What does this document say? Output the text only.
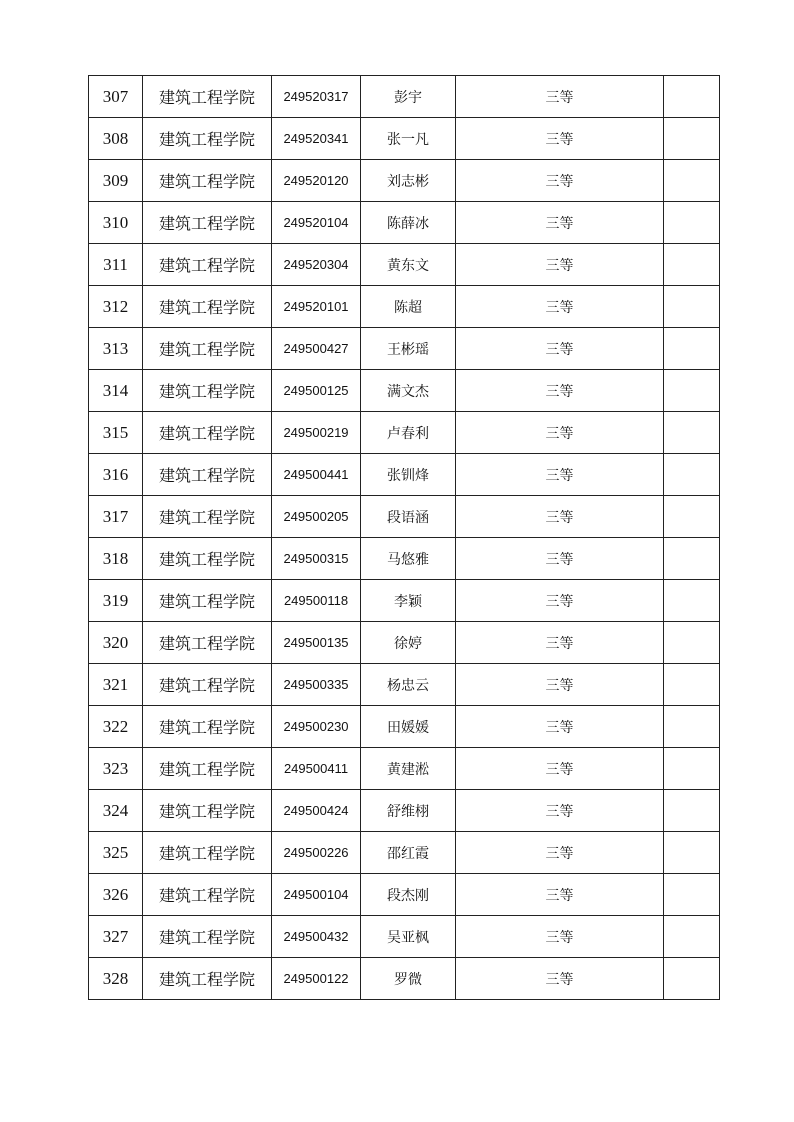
307	建筑工程学院	249520317	彭宇	三等	
308	建筑工程学院	249520341	张一凡	三等	
309	建筑工程学院	249520120	刘志彬	三等	
310	建筑工程学院	249520104	陈薛冰	三等	
311	建筑工程学院	249520304	黄东文	三等	
312	建筑工程学院	249520101	陈超	三等	
313	建筑工程学院	249500427	王彬瑶	三等	
314	建筑工程学院	249500125	满文杰	三等	
315	建筑工程学院	249500219	卢春利	三等	
316	建筑工程学院	249500441	张钏烽	三等	
317	建筑工程学院	249500205	段语涵	三等	
318	建筑工程学院	249500315	马悠雅	三等	
319	建筑工程学院	249500118	李颖	三等	
320	建筑工程学院	249500135	徐婷	三等	
321	建筑工程学院	249500335	杨忠云	三等	
322	建筑工程学院	249500230	田媛媛	三等	
323	建筑工程学院	249500411	黄建淞	三等	
324	建筑工程学院	249500424	舒维栩	三等	
325	建筑工程学院	249500226	邵红霞	三等	
326	建筑工程学院	249500104	段杰刚	三等	
327	建筑工程学院	249500432	吴亚枫	三等	
328	建筑工程学院	249500122	罗微	三等	
